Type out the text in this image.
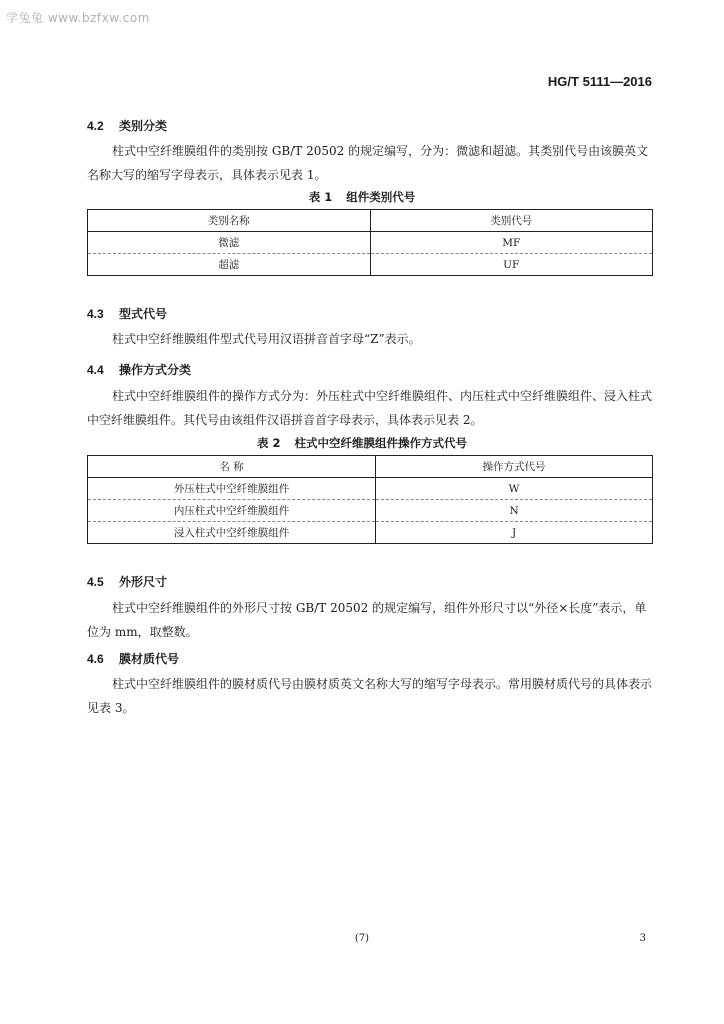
学兔兔 www.bzfxw.com
HG/T 5111—2016
4.2 类别分类
柱式中空纤维膜组件的类别按 GB/T 20502 的规定编写，分为：微滤和超滤。其类别代号由该膜英文名称大写的缩写字母表示，具体表示见表 1。
表 1 组件类别代号
类别名称	类别代号
微滤	MF
超滤	UF
4.3 型式代号
柱式中空纤维膜组件型式代号用汉语拼音首字母“Z”表示。
4.4 操作方式分类
柱式中空纤维膜组件的操作方式分为：外压柱式中空纤维膜组件、内压柱式中空纤维膜组件、浸入柱式中空纤维膜组件。其代号由该组件汉语拼音首字母表示，具体表示见表 2。
表 2 柱式中空纤维膜组件操作方式代号
名 称	操作方式代号
外压柱式中空纤维膜组件	W
内压柱式中空纤维膜组件	N
浸入柱式中空纤维膜组件	J
4.5 外形尺寸
柱式中空纤维膜组件的外形尺寸按 GB/T 20502 的规定编写，组件外形尺寸以“外径×长度”表示，单位为 mm，取整数。
4.6 膜材质代号
柱式中空纤维膜组件的膜材质代号由膜材质英文名称大写的缩写字母表示。常用膜材质代号的具体表示见表 3。
(7)	3
